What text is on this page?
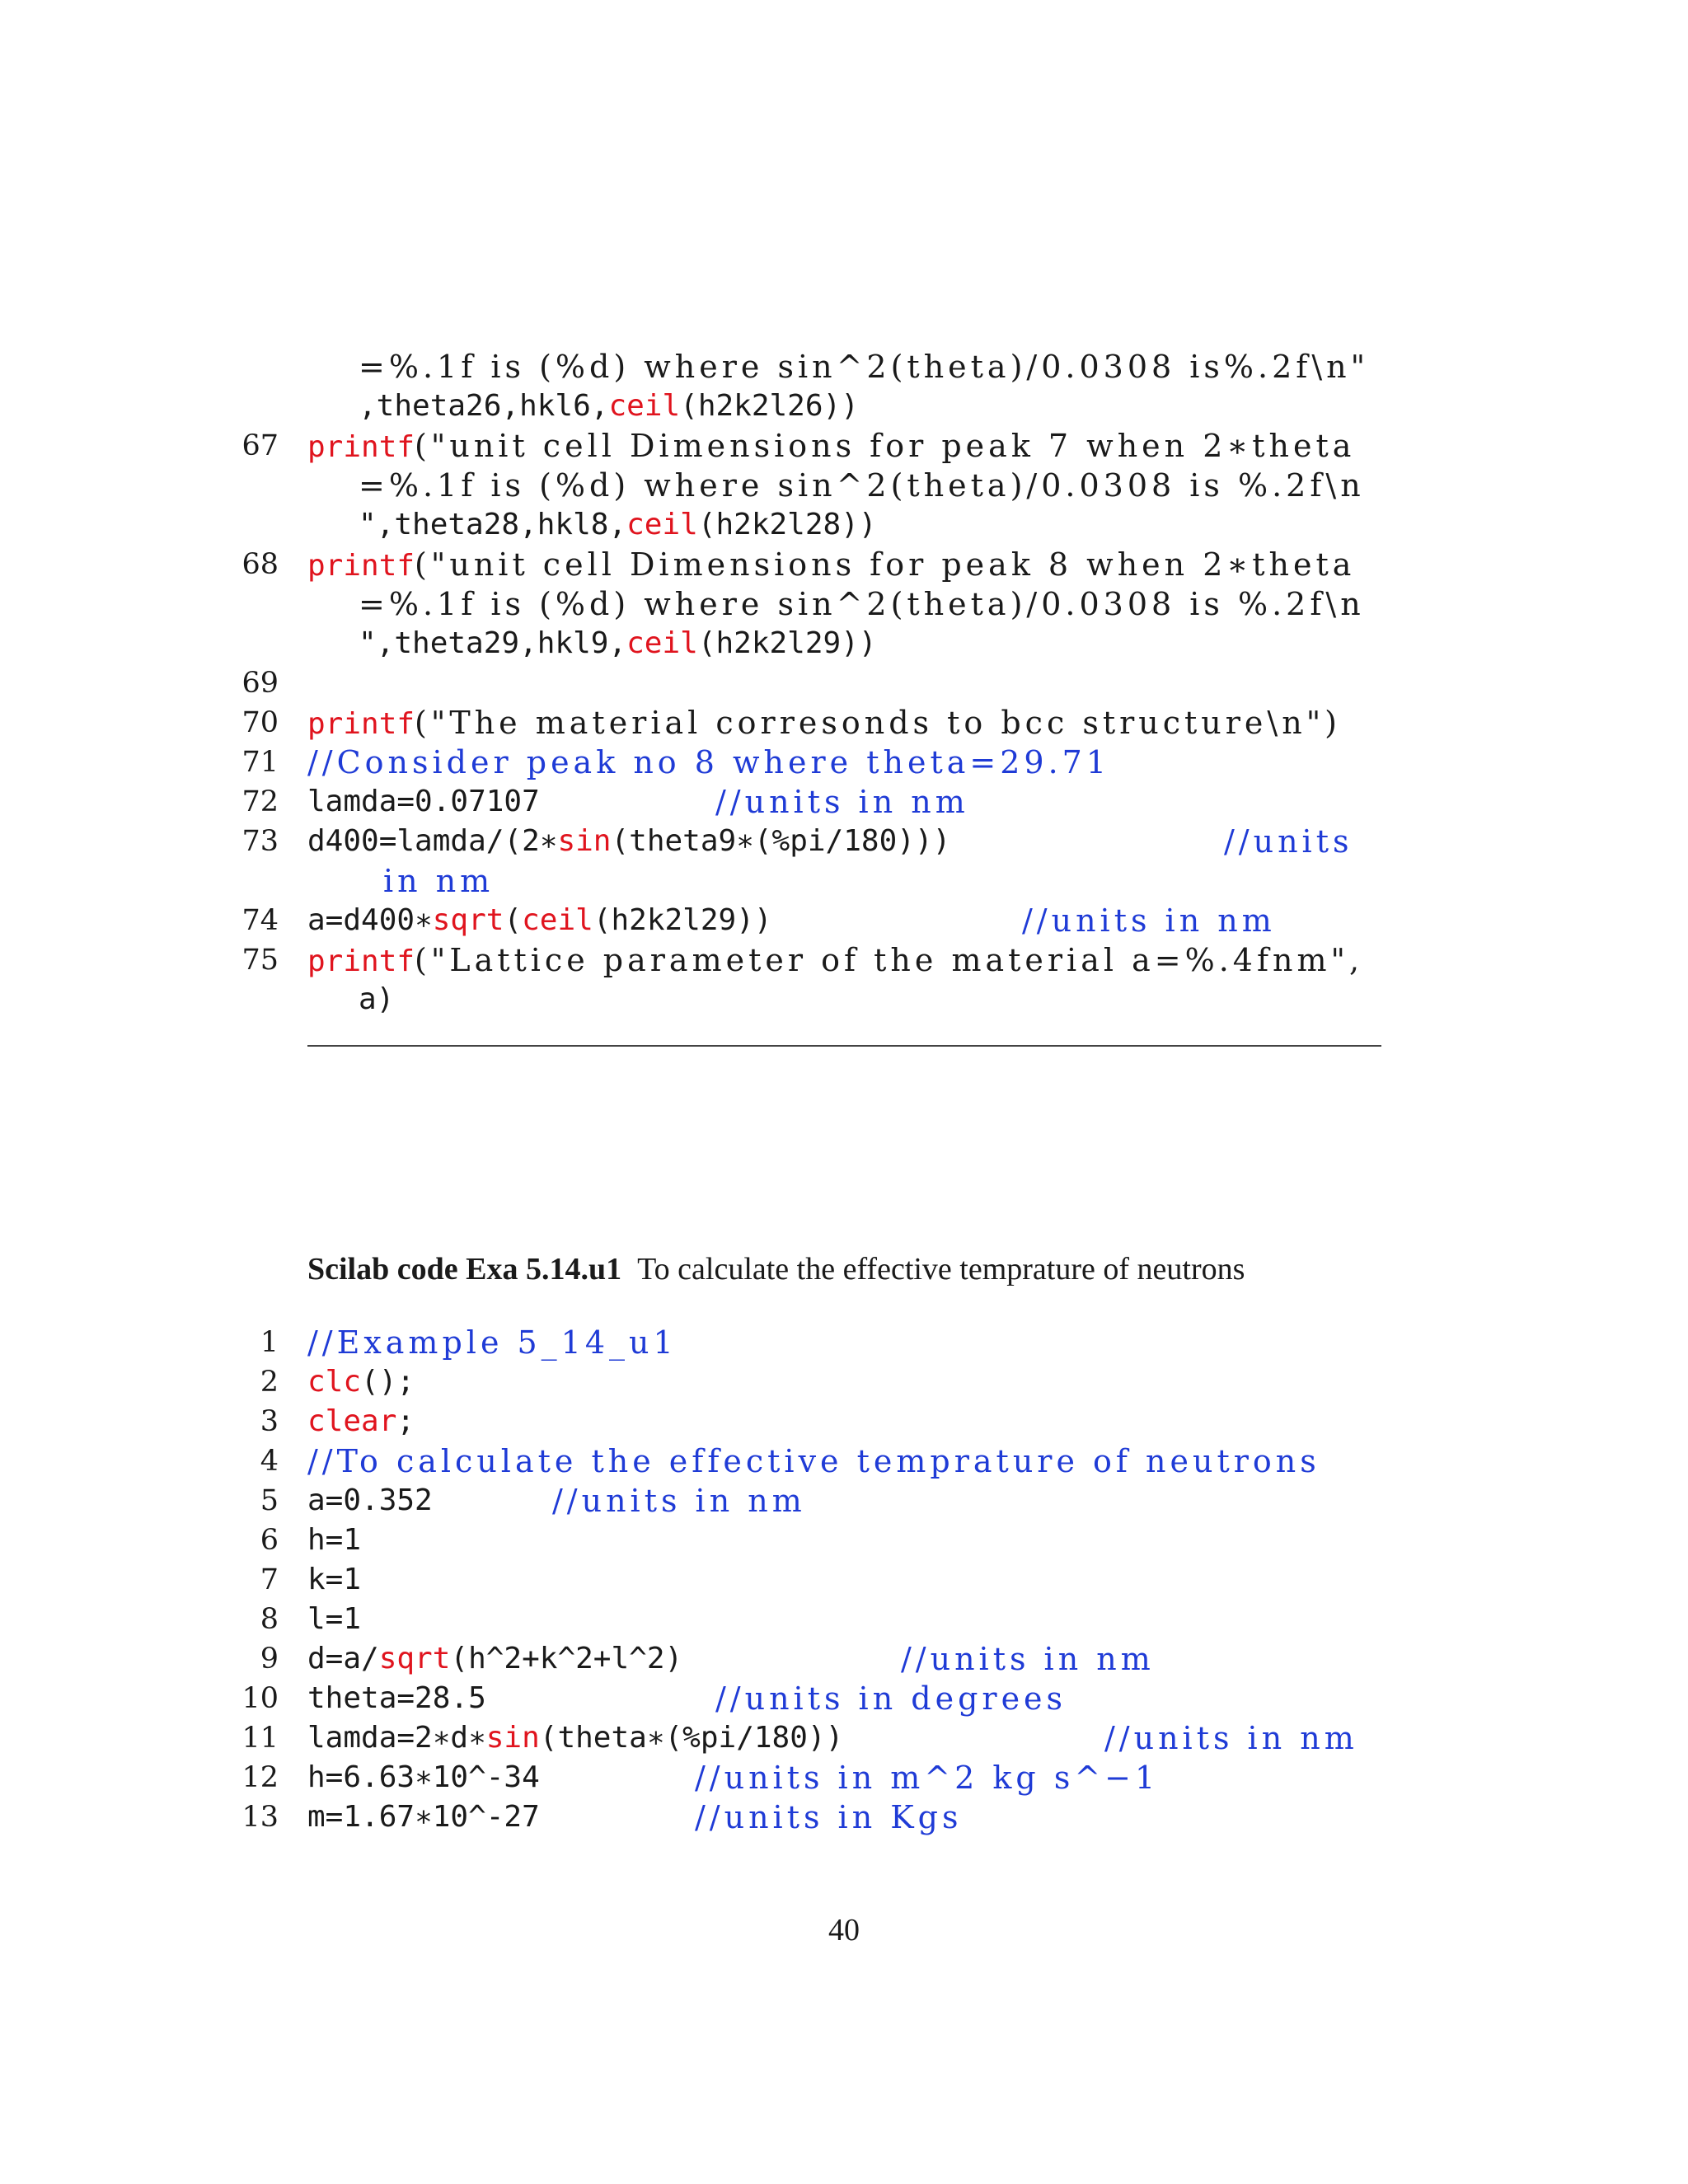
=%.1f is (%d) where sin^2(theta)/0.0308 is%.2f\n"
,theta26,hkl6,ceil(h2k2l26))
67 printf("unit cell Dimensions for peak 7 when 2∗theta
=%.1f is (%d) where sin^2(theta)/0.0308 is %.2f\n
",theta28,hkl8,ceil(h2k2l28))
68 printf("unit cell Dimensions for peak 8 when 2∗theta
=%.1f is (%d) where sin^2(theta)/0.0308 is %.2f\n
",theta29,hkl9,ceil(h2k2l29))
69
70 printf("The material corresonds to bcc structure\n")
71 //Consider peak no 8 where theta=29.71
72 lamda=0.07107	//units in nm
73 d400=lamda/(2∗sin(theta9∗(%pi/180)))	//units
in nm
74 a=d400∗sqrt(ceil(h2k2l29))	//units in nm
75 printf("Lattice parameter of the material a=%.4fnm",
a)
Scilab code Exa 5.14.u1 To calculate the effective temprature of neutrons
1 //Example 5_14_u1
2 clc();
3 clear;
4 //To calculate the effective temprature of neutrons
5 a=0.352	//units in nm
6 h=1
7 k=1
8 l=1
9 d=a/sqrt(h^2+k^2+l^2)	//units in nm
10 theta=28.5	//units in degrees
11 lamda=2∗d∗sin(theta∗(%pi/180))	//units in nm
12 h=6.63∗10^-34	//units in m^2 kg s^−1
13 m=1.67∗10^-27	//units in Kgs
40
